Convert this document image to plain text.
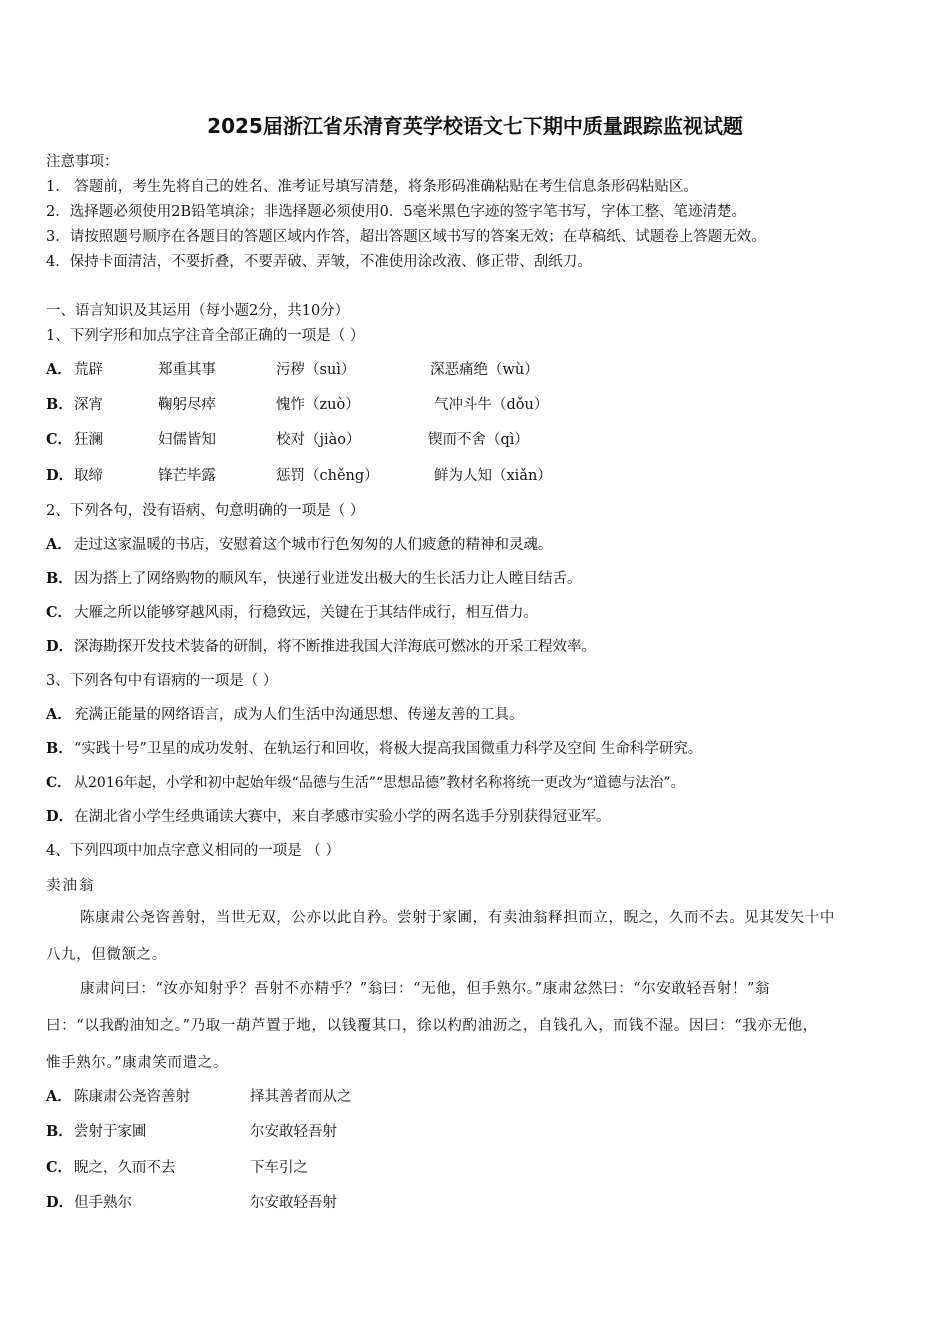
2025届浙江省乐清育英学校语文七下期中质量跟踪监视试题
注意事项：
1． 答题前，考生先将自己的姓名、准考证号填写清楚，将条形码准确粘贴在考生信息条形码粘贴区。
2．选择题必须使用2B铅笔填涂；非选择题必须使用0．5毫米黑色字迹的签字笔书写，字体工整、笔迹清楚。
3．请按照题号顺序在各题目的答题区域内作答，超出答题区域书写的答案无效；在草稿纸、试题卷上答题无效。
4．保持卡面清洁，不要折叠，不要弄破、弄皱，不准使用涂改液、修正带、刮纸刀。
一、语言知识及其运用（每小题2分，共10分）
1、下列字形和加点字注音全部正确的一项是（ ）
A． 荒辟	郑重其事	污秽（suì）	深恶痛绝（wù）
B．深宵	鞠躬尽瘁	愧怍（zuò）	气冲斗牛（dǒu）
C． 狂澜	妇儒皆知	校对（jiào）	锲而不舍（qì）
D．取缔	锋芒毕露	惩罚（chěng）	鲜为人知（xiǎn）
2、下列各句，没有语病、句意明确的一项是（ ）
A． 走过这家温暖的书店，安慰着这个城市行色匆匆的人们疲惫的精神和灵魂。
B．因为搭上了网络购物的顺风车，快递行业迸发出极大的生长活力让人瞠目结舌。
C． 大雁之所以能够穿越风雨，行稳致远，关键在于其结伴成行，相互借力。
D．深海勘探开发技术装备的研制，将不断推进我国大洋海底可燃冰的开采工程效率。
3、下列各句中有语病的一项是（ ）
A． 充满正能量的网络语言，成为人们生活中沟通思想、传递友善的工具。
B．“实践十号”卫星的成功发射、在轨运行和回收，将极大提高我国微重力科学及空间 生命科学研究。
C． 从2016年起，小学和初中起始年级“品德与生活”“思想品德”教材名称将统一更改为“道德与法治”。
D．在湖北省小学生经典诵读大赛中，来自孝感市实验小学的两名选手分别获得冠亚军。
4、下列四项中加点字意义相同的一项是 （ ）
卖油翁
陈康肃公尧咨善射，当世无双，公亦以此自矜。尝射于家圃，有卖油翁释担而立，睨之，久而不去。见其发矢十中
八九，但微颔之。
康肃问曰：“汝亦知射乎？吾射不亦精乎？”翁曰：“无他，但手熟尔。”康肃忿然曰：“尔安敢轻吾射！”翁
曰：“以我酌油知之。”乃取一葫芦置于地，以钱覆其口，徐以杓酌油沥之，自钱孔入，而钱不湿。因曰：“我亦无他，
惟手熟尔。”康肃笑而遣之。
A． 陈康肃公尧咨善射	择其善者而从之
B．尝射于家圃	尔安敢轻吾射
C． 睨之，久而不去	下车引之
D．但手熟尔	尔安敢轻吾射
